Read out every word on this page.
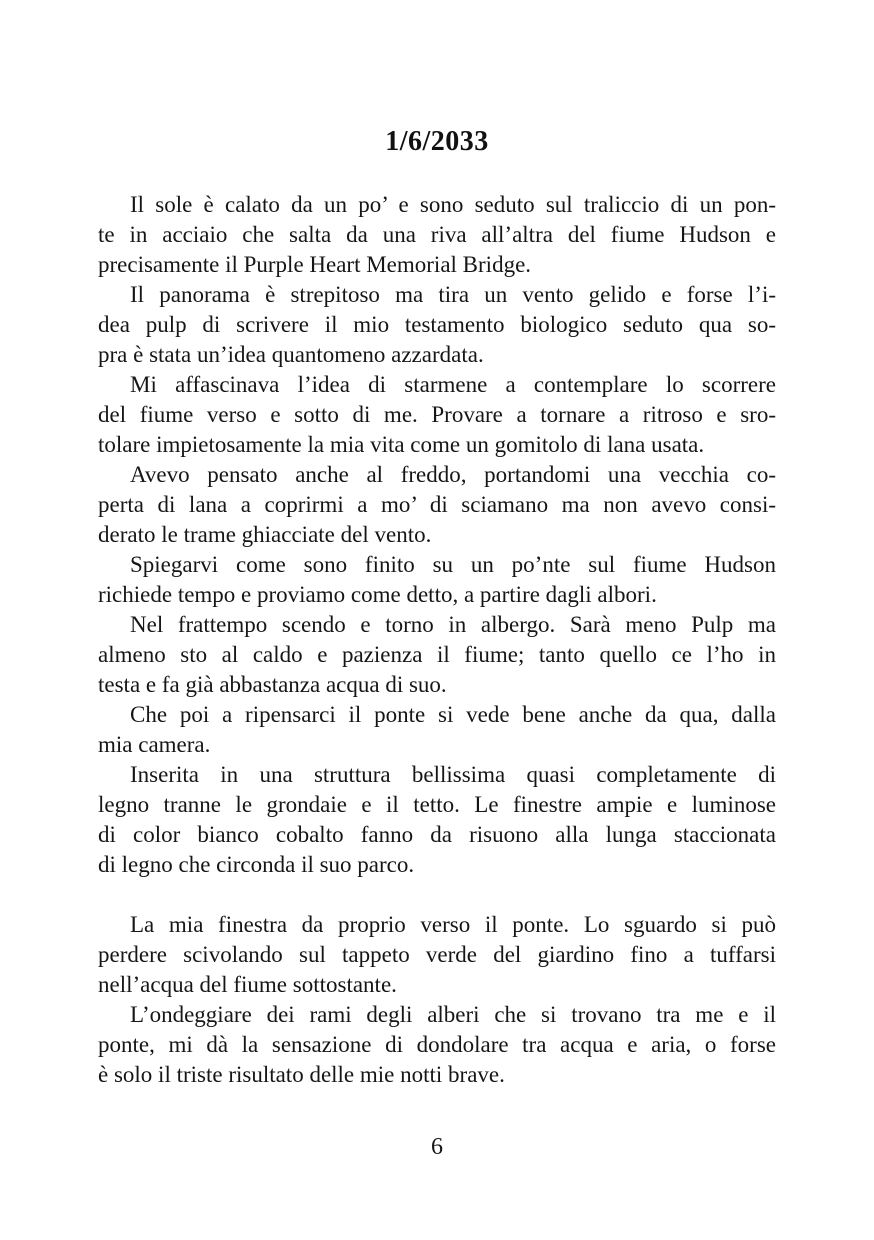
1/6/2033
Il sole è calato da un po’ e sono seduto sul traliccio di un pon-
te in acciaio che salta da una riva all’altra del fiume Hudson e
precisamente il Purple Heart Memorial Bridge.
Il panorama è strepitoso ma tira un vento gelido e forse l’i-
dea pulp di scrivere il mio testamento biologico seduto qua so-
pra è stata un’idea quantomeno azzardata.
Mi affascinava l’idea di starmene a contemplare lo scorrere
del fiume verso e sotto di me. Provare a tornare a ritroso e sro-
tolare impietosamente la mia vita come un gomitolo di lana usata.
Avevo pensato anche al freddo, portandomi una vecchia co-
perta di lana a coprirmi a mo’ di sciamano ma non avevo consi-
derato le trame ghiacciate del vento.
Spiegarvi come sono finito su un po’nte sul fiume Hudson
richiede tempo e proviamo come detto, a partire dagli albori.
Nel frattempo scendo e torno in albergo. Sarà meno Pulp ma
almeno sto al caldo e pazienza il fiume; tanto quello ce l’ho in
testa e fa già abbastanza acqua di suo.
Che poi a ripensarci il ponte si vede bene anche da qua, dalla
mia camera.
Inserita in una struttura bellissima quasi completamente di
legno tranne le grondaie e il tetto. Le finestre ampie e luminose
di color bianco cobalto fanno da risuono alla lunga staccionata
di legno che circonda il suo parco.
La mia finestra da proprio verso il ponte. Lo sguardo si può
perdere scivolando sul tappeto verde del giardino fino a tuffarsi
nell’acqua del fiume sottostante.
L’ondeggiare dei rami degli alberi che si trovano tra me e il
ponte, mi dà la sensazione di dondolare tra acqua e aria, o forse
è solo il triste risultato delle mie notti brave.
6
